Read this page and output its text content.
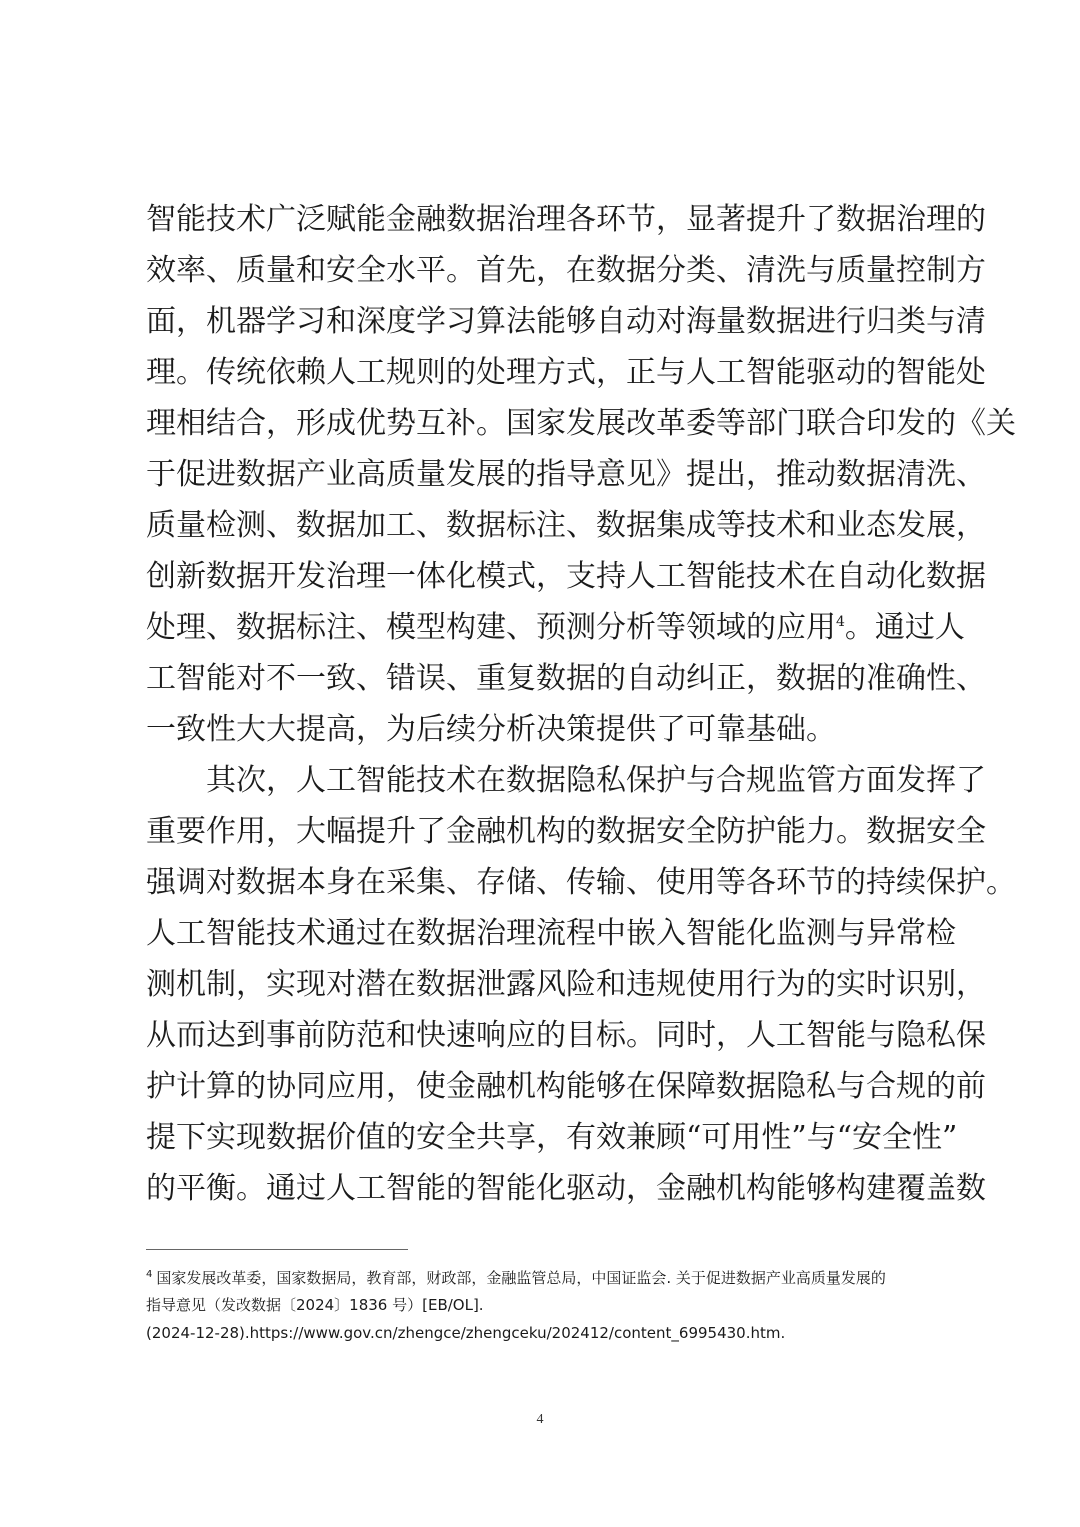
智能技术广泛赋能金融数据治理各环节，显著提升了数据治理的
效率、质量和安全水平。首先，在数据分类、清洗与质量控制方
面，机器学习和深度学习算法能够自动对海量数据进行归类与清
理。传统依赖人工规则的处理方式，正与人工智能驱动的智能处
理相结合，形成优势互补。国家发展改革委等部门联合印发的《关
于促进数据产业高质量发展的指导意见》提出，推动数据清洗、
质量检测、数据加工、数据标注、数据集成等技术和业态发展，
创新数据开发治理一体化模式，支持人工智能技术在自动化数据
处理、数据标注、模型构建、预测分析等领域的应用$^4$。通过人
工智能对不一致、错误、重复数据的自动纠正，数据的准确性、
一致性大大提高，为后续分析决策提供了可靠基础。
其次，人工智能技术在数据隐私保护与合规监管方面发挥了
重要作用，大幅提升了金融机构的数据安全防护能力。数据安全
强调对数据本身在采集、存储、传输、使用等各环节的持续保护。
人工智能技术通过在数据治理流程中嵌入智能化监测与异常检
测机制，实现对潜在数据泄露风险和违规使用行为的实时识别，
从而达到事前防范和快速响应的目标。同时，人工智能与隐私保
护计算的协同应用，使金融机构能够在保障数据隐私与合规的前
提下实现数据价值的安全共享，有效兼顾“可用性”与“安全性”
的平衡。通过人工智能的智能化驱动，金融机构能够构建覆盖数
$^4$ 国家发展改革委，国家数据局，教育部，财政部，金融监管总局，中国证监会. 关于促进数据产业高质量发展的
指导意见（发改数据〔2024〕1836 号）[EB/OL].
(2024-12-28).https://www.gov.cn/zhengce/zhengceku/202412/content_6995430.htm.
4
